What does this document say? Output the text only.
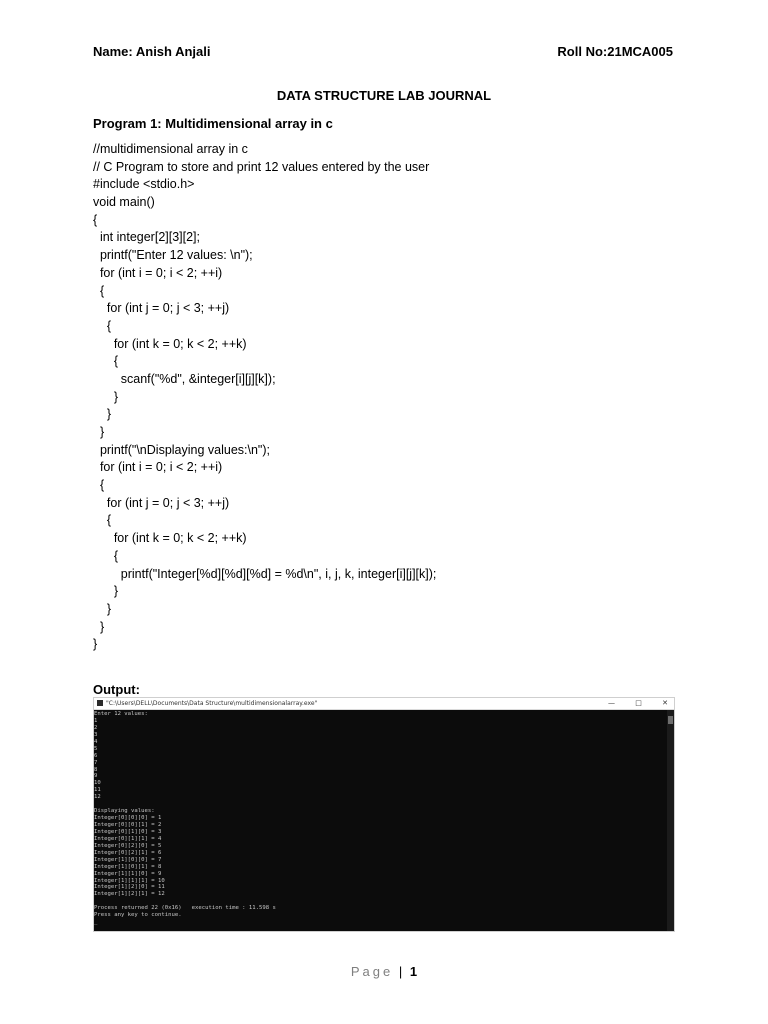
Name: Anish Anjali	Roll No:21MCA005
DATA STRUCTURE LAB JOURNAL
Program 1: Multidimensional array in c
//multidimensional array in c
// C Program to store and print 12 values entered by the user
#include <stdio.h>
void main()
{
int integer[2][3][2];
printf("Enter 12 values: \n");
for (int i = 0; i < 2; ++i)
{
for (int j = 0; j < 3; ++j)
{
for (int k = 0; k < 2; ++k)
{
scanf("%d", &integer[i][j][k]);
}
}
}
printf("\nDisplaying values:\n");
for (int i = 0; i < 2; ++i)
{
for (int j = 0; j < 3; ++j)
{
for (int k = 0; k < 2; ++k)
{
printf("Integer[%d][%d][%d] = %d\n", i, j, k, integer[i][j][k]);
}
}
}
}
Output:
"C:\Users\DELL\Documents\Data Structure\multidimensionalarray.exe"	—	□	✕
Enter 12 values:
1
2
3
4
5
6
7
8
9
10
11
12
Displaying values:
Integer[0][0][0] = 1
Integer[0][0][1] = 2
Integer[0][1][0] = 3
Integer[0][1][1] = 4
Integer[0][2][0] = 5
Integer[0][2][1] = 6
Integer[1][0][0] = 7
Integer[1][0][1] = 8
Integer[1][1][0] = 9
Integer[1][1][1] = 10
Integer[1][2][0] = 11
Integer[1][2][1] = 12
Process returned 22 (0x16)   execution time : 11.598 s
Press any key to continue.
_
Page | 1
